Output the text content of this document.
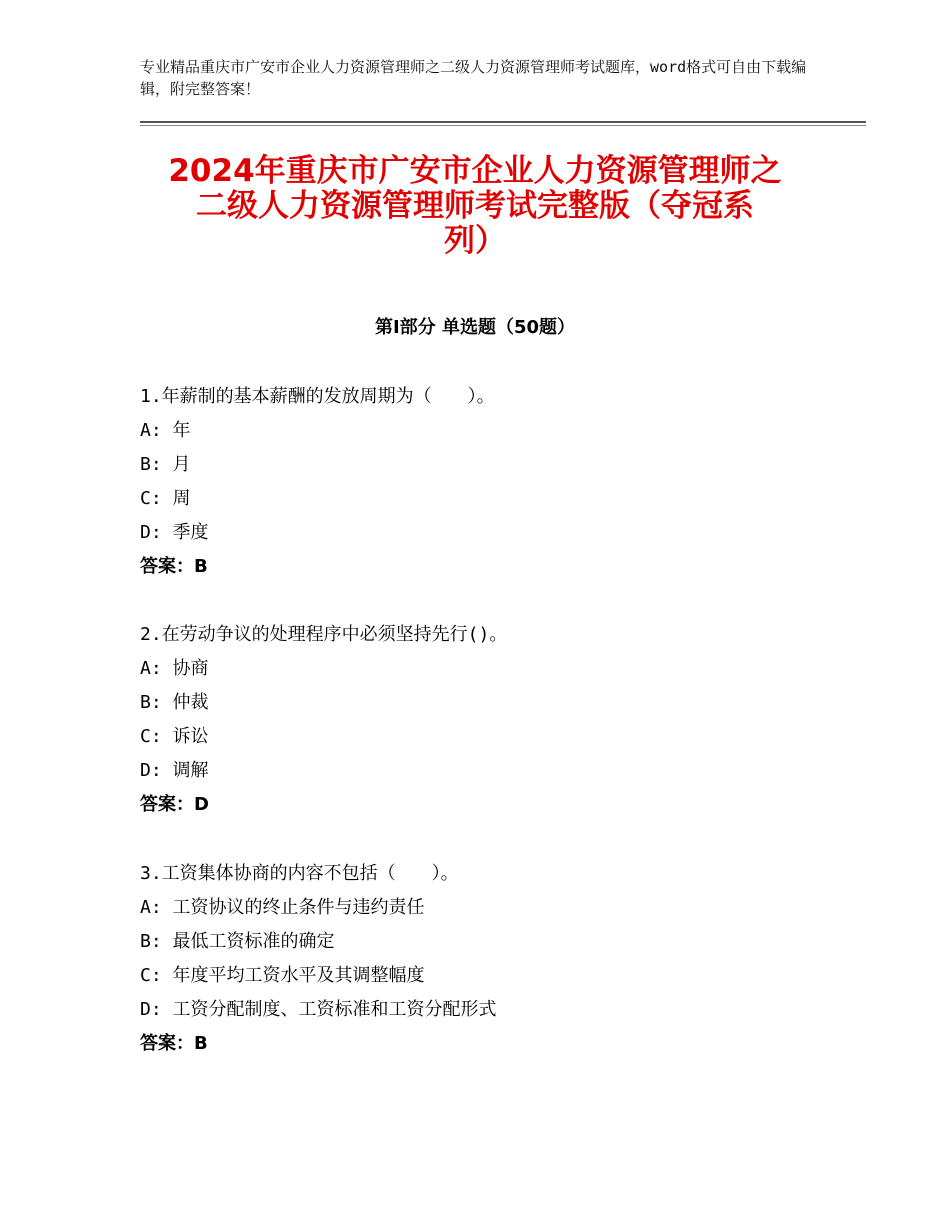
专业精品重庆市广安市企业人力资源管理师之二级人力资源管理师考试题库，word格式可自由下载编辑，附完整答案！
2024年重庆市广安市企业人力资源管理师之
二级人力资源管理师考试完整版（夺冠系
列）
第Ⅰ部分 单选题（50题）
1.年薪制的基本薪酬的发放周期为（　　）。
A: 年
B: 月
C: 周
D: 季度
答案：B
2.在劳动争议的处理程序中必须坚持先行()。
A: 协商
B: 仲裁
C: 诉讼
D: 调解
答案：D
3.工资集体协商的内容不包括（　　）。
A: 工资协议的终止条件与违约责任
B: 最低工资标准的确定
C: 年度平均工资水平及其调整幅度
D: 工资分配制度、工资标准和工资分配形式
答案：B
